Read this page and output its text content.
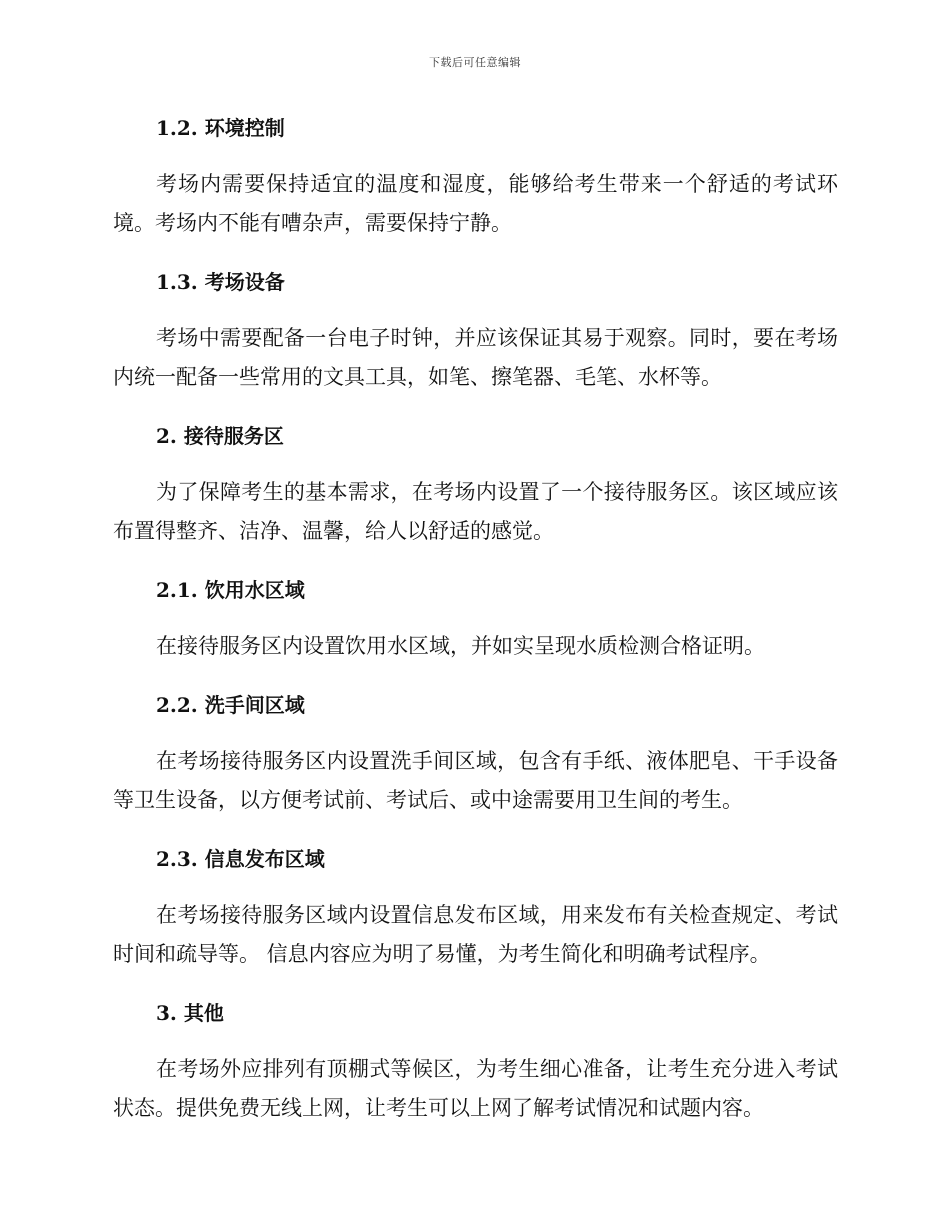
下载后可任意编辑
1.2. 环境控制
考场内需要保持适宜的温度和湿度，能够给考生带来一个舒适的考试环境。考场内不能有嘈杂声，需要保持宁静。
1.3. 考场设备
考场中需要配备一台电子时钟，并应该保证其易于观察。同时，要在考场内统一配备一些常用的文具工具，如笔、擦笔器、毛笔、水杯等。
2. 接待服务区
为了保障考生的基本需求，在考场内设置了一个接待服务区。该区域应该布置得整齐、洁净、温馨，给人以舒适的感觉。
2.1. 饮用水区域
在接待服务区内设置饮用水区域，并如实呈现水质检测合格证明。
2.2. 洗手间区域
在考场接待服务区内设置洗手间区域，包含有手纸、液体肥皂、干手设备等卫生设备，以方便考试前、考试后、或中途需要用卫生间的考生。
2.3. 信息发布区域
在考场接待服务区域内设置信息发布区域，用来发布有关检查规定、考试时间和疏导等。 信息内容应为明了易懂，为考生简化和明确考试程序。
3. 其他
在考场外应排列有顶棚式等候区，为考生细心准备，让考生充分进入考试状态。提供免费无线上网，让考生可以上网了解考试情况和试题内容。
